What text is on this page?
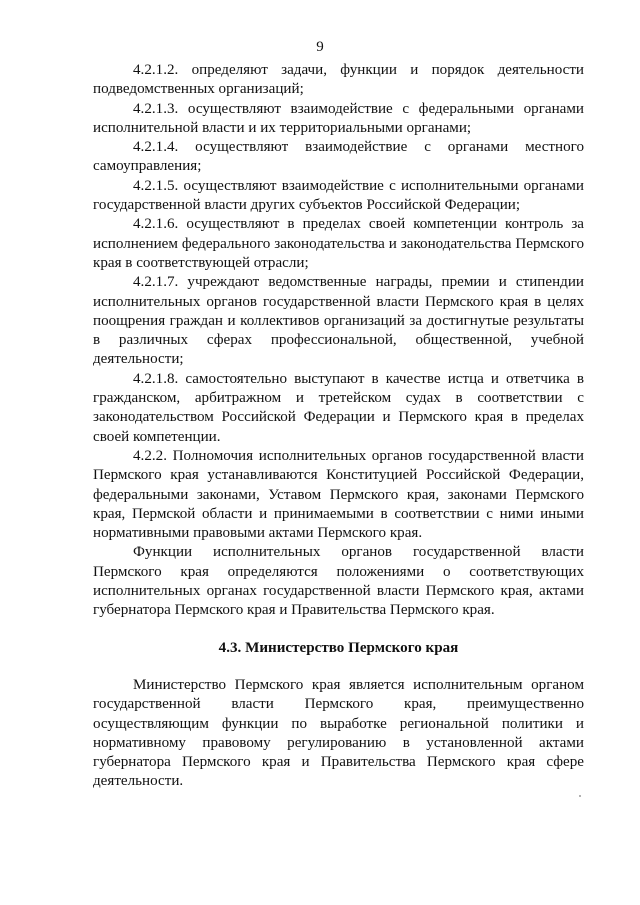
9

4.2.1.2. определяют задачи, функции и порядок деятельности подведомственных организаций;

4.2.1.3. осуществляют взаимодействие с федеральными органами исполнительной власти и их территориальными органами;

4.2.1.4. осуществляют взаимодействие с органами местного самоуправления;

4.2.1.5. осуществляют взаимодействие с исполнительными органами государственной власти других субъектов Российской Федерации;

4.2.1.6. осуществляют в пределах своей компетенции контроль за исполнением федерального законодательства и законодательства Пермского края в соответствующей отрасли;

4.2.1.7. учреждают ведомственные награды, премии и стипендии исполнительных органов государственной власти Пермского края в целях поощрения граждан и коллективов организаций за достигнутые результаты в различных сферах профессиональной, общественной, учебной деятельности;

4.2.1.8. самостоятельно выступают в качестве истца и ответчика в гражданском, арбитражном и третейском судах в соответствии с законодательством Российской Федерации и Пермского края в пределах своей компетенции.

4.2.2. Полномочия исполнительных органов государственной власти Пермского края устанавливаются Конституцией Российской Федерации, федеральными законами, Уставом Пермского края, законами Пермского края, Пермской области и принимаемыми в соответствии с ними иными нормативными правовыми актами Пермского края.

Функции исполнительных органов государственной власти Пермского края определяются положениями о соответствующих исполнительных органах государственной власти Пермского края, актами губернатора Пермского края и Правительства Пермского края.

4.3. Министерство Пермского края

Министерство Пермского края является исполнительным органом государственной власти Пермского края, преимущественно осуществляющим функции по выработке региональной политики и нормативному правовому регулированию в установленной актами губернатора Пермского края и Правительства Пермского края сфере деятельности.
